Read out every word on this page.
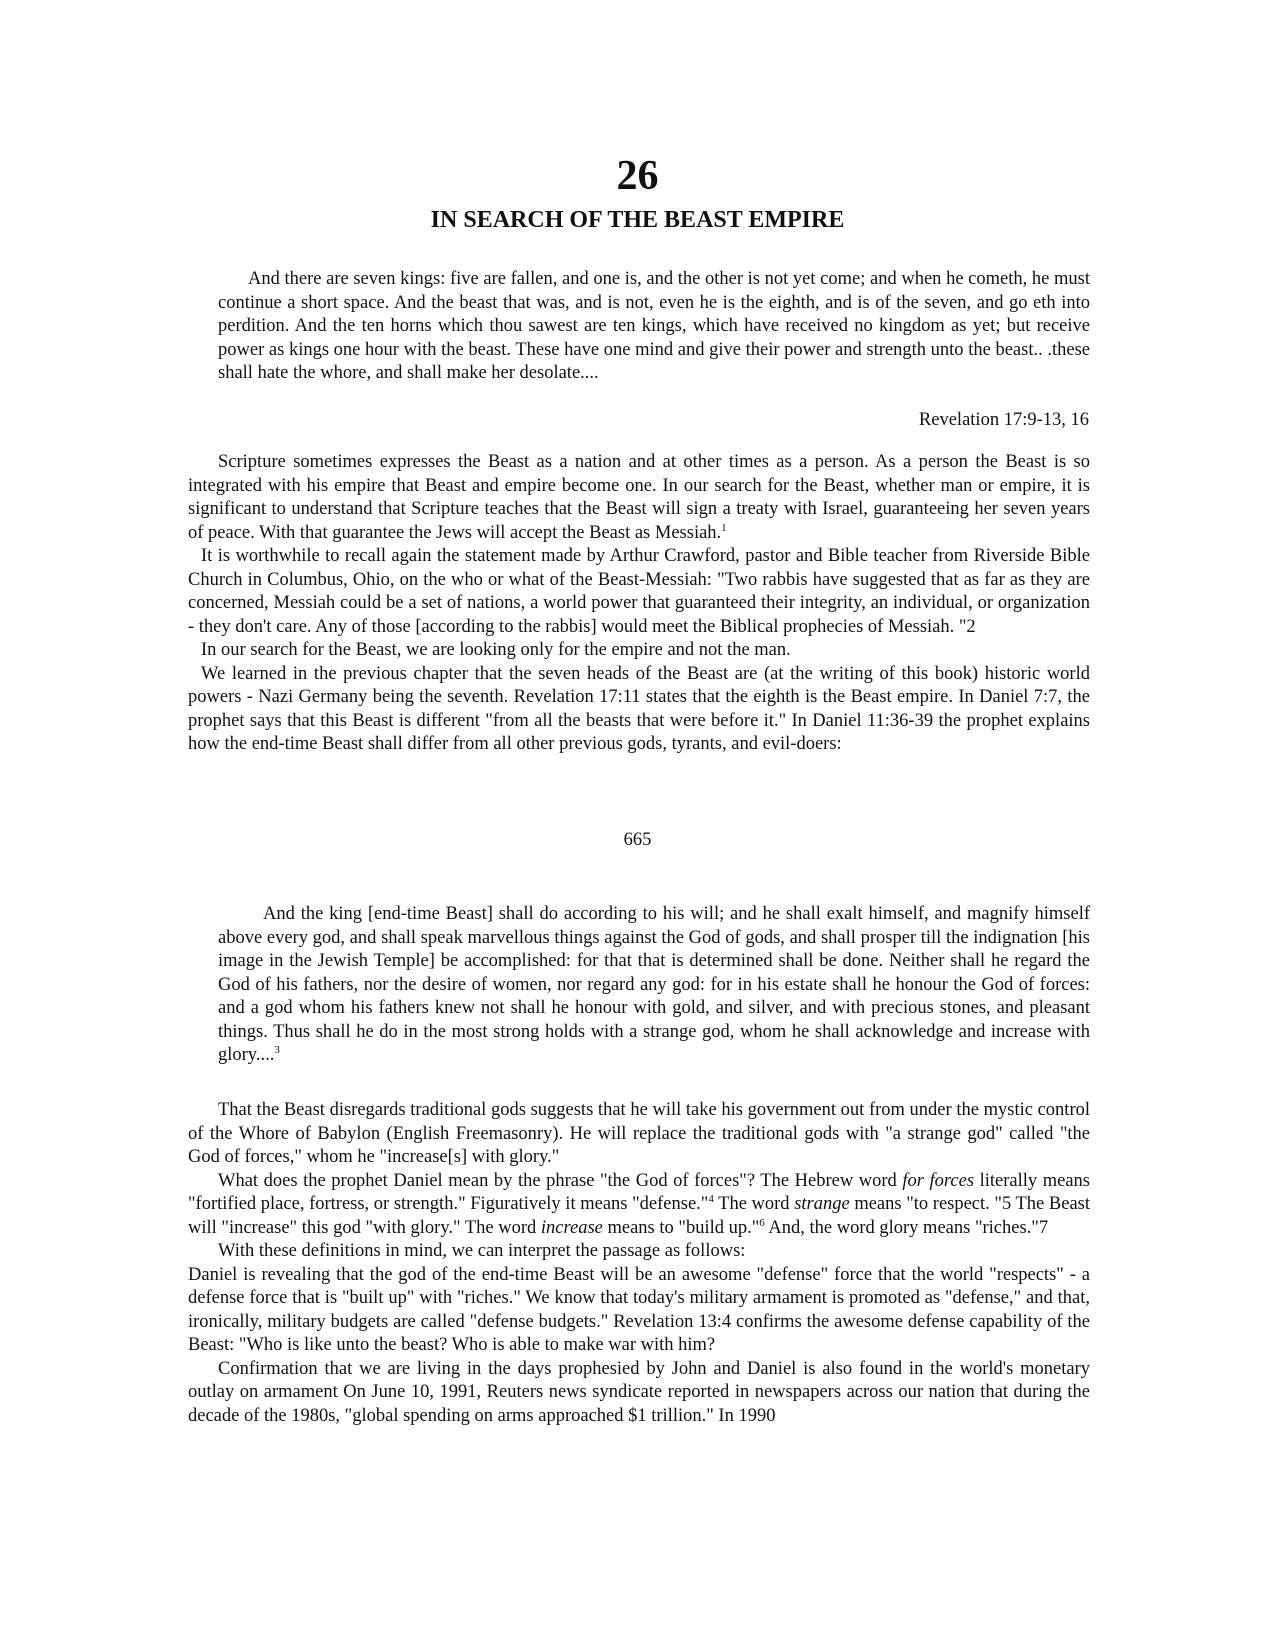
26
IN SEARCH OF THE BEAST EMPIRE
And there are seven kings: five are fallen, and one is, and the other is not yet come; and when he cometh, he must continue a short space. And the beast that was, and is not, even he is the eighth, and is of the seven, and go eth into perdition. And the ten horns which thou sawest are ten kings, which have received no kingdom as yet; but receive power as kings one hour with the beast. These have one mind and give their power and strength unto the beast.. .these shall hate the whore, and shall make her desolate....
Revelation 17:9-13, 16

Scripture sometimes expresses the Beast as a nation and at other times as a person. As a person the Beast is so integrated with his empire that Beast and empire become one. In our search for the Beast, whether man or empire, it is significant to understand that Scripture teaches that the Beast will sign a treaty with Israel, guaranteeing her seven years of peace. With that guarantee the Jews will accept the Beast as Messiah.$^1$

It is worthwhile to recall again the statement made by Arthur Crawford, pastor and Bible teacher from Riverside Bible Church in Columbus, Ohio, on the who or what of the Beast-Messiah: "Two rabbis have suggested that as far as they are concerned, Messiah could be a set of nations, a world power that guaranteed their integrity, an individual, or organization - they don't care. Any of those [according to the rabbis] would meet the Biblical prophecies of Messiah. "2

In our search for the Beast, we are looking only for the empire and not the man.

We learned in the previous chapter that the seven heads of the Beast are (at the writing of this book) historic world powers - Nazi Germany being the seventh. Revelation 17:11 states that the eighth is the Beast empire. In Daniel 7:7, the prophet says that this Beast is different "from all the beasts that were before it." In Daniel 11:36-39 the prophet explains how the end-time Beast shall differ from all other previous gods, tyrants, and evil-doers:

665
And the king [end-time Beast] shall do according to his will; and he shall exalt himself, and magnify himself above every god, and shall speak marvellous things against the God of gods, and shall prosper till the indignation [his image in the Jewish Temple] be accomplished: for that that is determined shall be done. Neither shall he regard the God of his fathers, nor the desire of women, nor regard any god: for in his estate shall he honour the God of forces: and a god whom his fathers knew not shall he honour with gold, and silver, and with precious stones, and pleasant things. Thus shall he do in the most strong holds with a strange god, whom he shall acknowledge and increase with glory....$^3$

That the Beast disregards traditional gods suggests that he will take his government out from under the mystic control of the Whore of Babylon (English Freemasonry). He will replace the traditional gods with "a strange god" called "the God of forces," whom he "increase[s] with glory."

What does the prophet Daniel mean by the phrase "the God of forces"? The Hebrew word for forces literally means "fortified place, fortress, or strength." Figuratively it means "defense."$^4$ The word strange means "to respect. "5 The Beast will "increase" this god "with glory." The word increase means to "build up."$^6$ And, the word glory means "riches."7

With these definitions in mind, we can interpret the passage as follows:

Daniel is revealing that the god of the end-time Beast will be an awesome "defense" force that the world "respects" - a defense force that is "built up" with "riches." We know that today's military armament is promoted as "defense," and that, ironically, military budgets are called "defense budgets." Revelation 13:4 confirms the awesome defense capability of the Beast: "Who is like unto the beast? Who is able to make war with him?

Confirmation that we are living in the days prophesied by John and Daniel is also found in the world's monetary outlay on armament On June 10, 1991, Reuters news syndicate reported in newspapers across our nation that during the decade of the 1980s, "global spending on arms approached $1 trillion." In 1990
